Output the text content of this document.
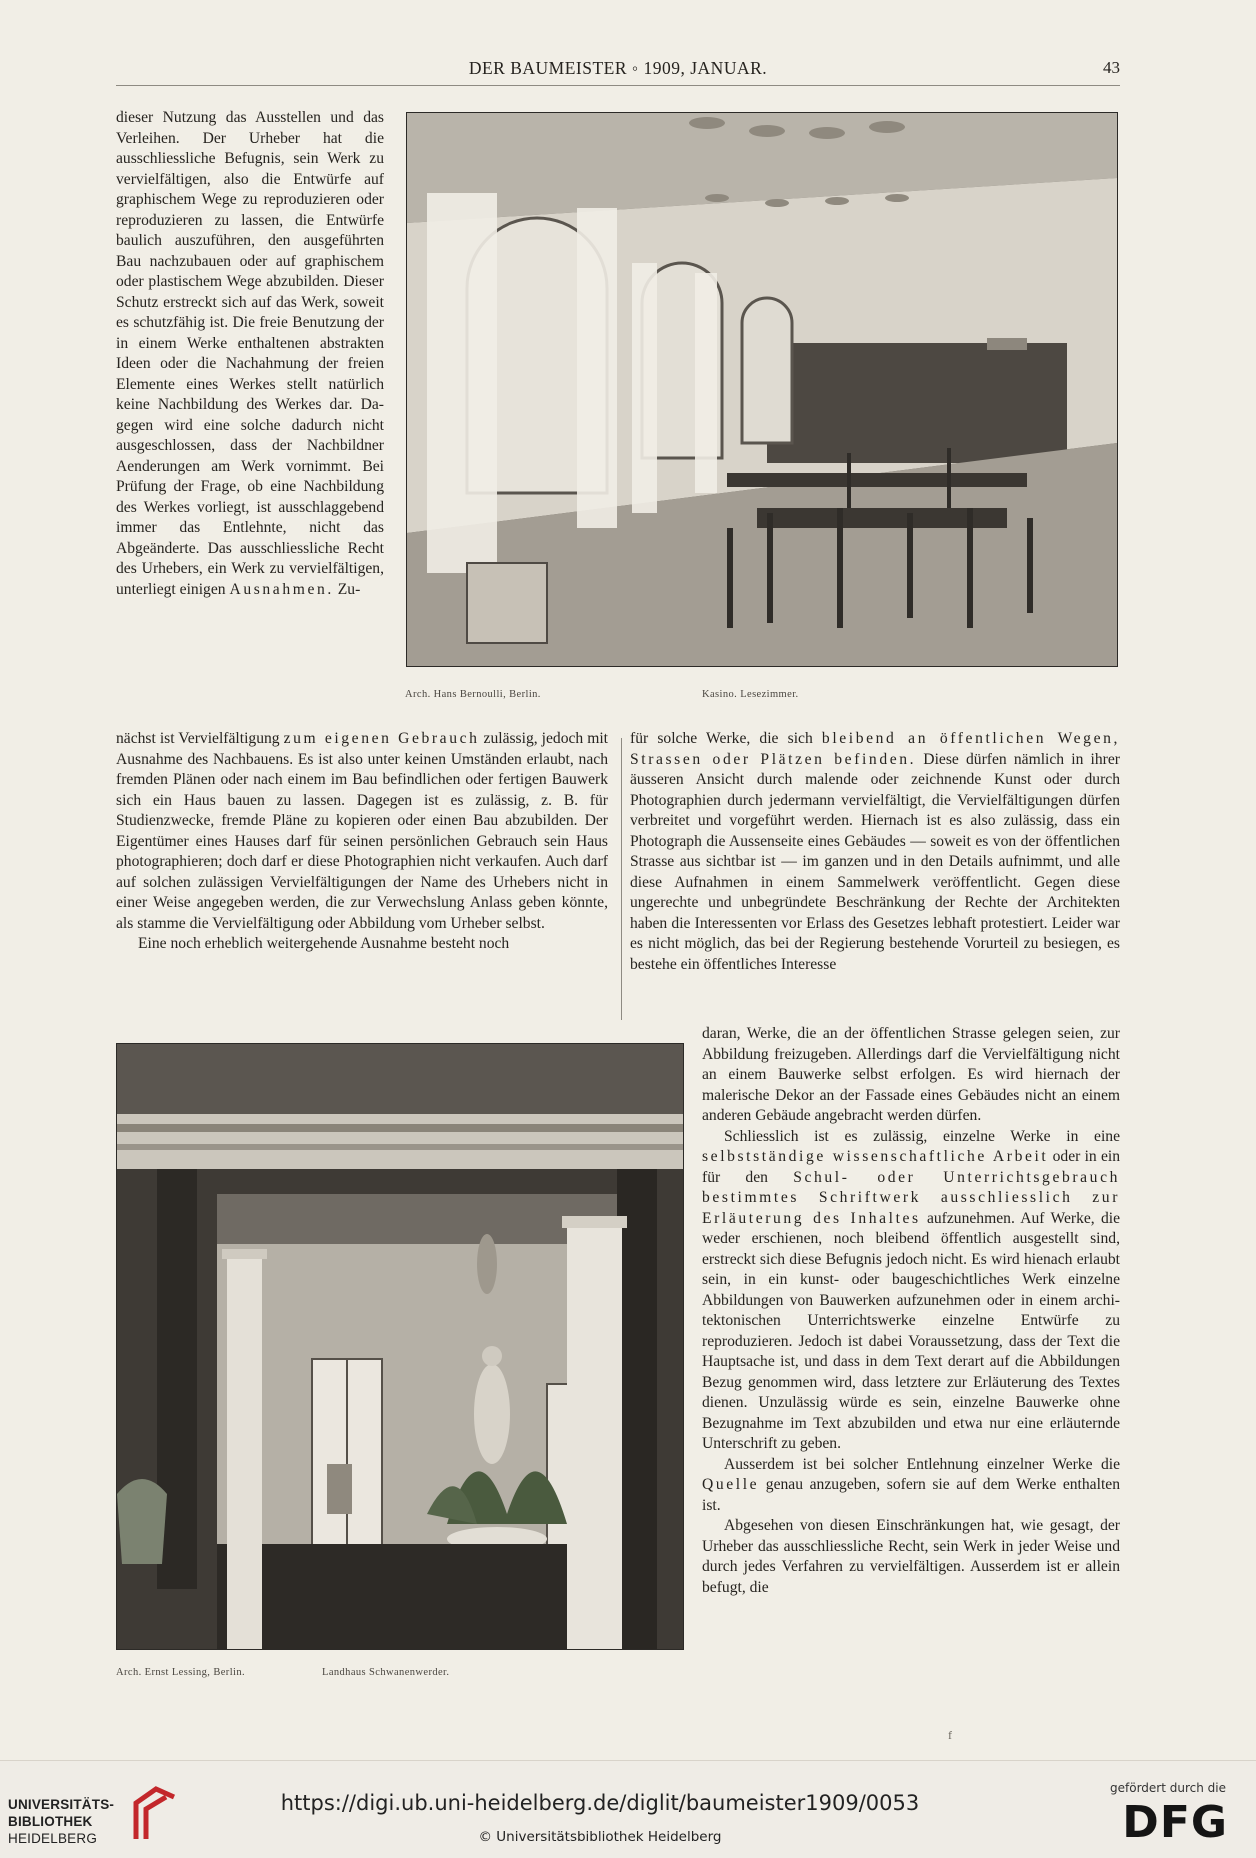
DER BAUMEISTER ◦ 1909, JANUAR.	43
Arch. Hans Bernoulli, Berlin.	Kasino. Lesezimmer.

dieser Nutzung das Ausstellen und das Verleihen. Der Urheber hat die ausschliessliche Befugnis, sein Werk zu vervielfältigen, also die Entwürfe auf graphischem Wege zu reproduzieren oder reproduzieren zu lassen, die Entwürfe baulich auszuführen, den ausgeführten Bau nachzubauen oder auf graphischem oder plastischem Wege abzubilden. Dieser Schutz erstreckt sich auf das Werk, soweit es schutzfähig ist. Die freie Benutzung der in einem Werke enthaltenen abstrakten Ideen oder die Nachahmung der freien Elemente eines Werkes stellt natürlich keine Nachbildung des Werkes dar. Dagegen wird eine solche dadurch nicht ausgeschlossen, dass der Nachbildner Aenderungen am Werk vornimmt. Bei Prüfung der Frage, ob eine Nachbildung des Werkes vorliegt, ist ausschlaggebend immer das Entlehnte, nicht das Abgeänderte. Das ausschliessliche Recht des Urhebers, ein Werk zu vervielfältigen, unterliegt einigen Ausnahmen. Zu-

nächst ist Vervielfältigung zum eigenen Gebrauch zulässig, jedoch mit Ausnahme des Nachbauens. Es ist also unter keinen Umständen erlaubt, nach fremden Plänen oder nach einem im Bau befindlichen oder fertigen Bauwerk sich ein Haus bauen zu lassen. Dagegen ist es zulässig, z. B. für Studienzwecke, fremde Pläne zu kopieren oder einen Bau abzubilden. Der Eigentümer eines Hauses darf für seinen persönlichen Gebrauch sein Haus photographieren; doch darf er diese Photographien nicht verkaufen. Auch darf auf solchen zulässigen Vervielfältigungen der Name des Urhebers nicht in einer Weise angegeben werden, die zur Verwechslung Anlass geben könnte, als stamme die Vervielfältigung oder Abbildung vom Urheber selbst.

Eine noch erheblich weitergehende Ausnahme besteht noch

für solche Werke, die sich bleibend an öffentlichen Wegen, Strassen oder Plätzen befinden. Diese dürfen nämlich in ihrer äusseren Ansicht durch malende oder zeichnende Kunst oder durch Photographien durch jedermann vervielfältigt, die Vervielfältigungen dürfen verbreitet und vorgeführt werden. Hiernach ist es also zulässig, dass ein Photograph die Aussenseite eines Gebäudes — soweit es von der öffentlichen Strasse aus sichtbar ist — im ganzen und in den Details aufnimmt, und alle diese Aufnahmen in einem Sammelwerk veröffentlicht. Gegen diese ungerechte und unbegründete Beschränkung der Rechte der Architekten haben die Interessenten vor Erlass des Gesetzes lebhaft protestiert. Leider war es nicht möglich, das bei der Regierung bestehende Vorurteil zu besiegen, es bestehe ein öffentliches Interesse

Arch. Ernst Lessing, Berlin.	Landhaus Schwanenwerder.

daran, Werke, die an der öffentlichen Strasse gelegen seien, zur Abbildung freizugeben. Allerdings darf die Vervielfältigung nicht an einem Bauwerke selbst erfolgen. Es wird hiernach der malerische Dekor an der Fassade eines Gebäudes nicht an einem anderen Gebäude angebracht werden dürfen.

Schliesslich ist es zulässig, einzelne Werke in eine selbstständige wissenschaftliche Arbeit oder in ein für den Schul- oder Unterrichtsgebrauch bestimmtes Schriftwerk ausschliesslich zur Erläuterung des Inhaltes aufzunehmen. Auf Werke, die weder erschienen, noch bleibend öffentlich ausgestellt sind, erstreckt sich diese Befugnis jedoch nicht. Es wird hienach erlaubt sein, in ein kunst- oder baugeschichtliches Werk einzelne Abbildungen von Bauwerken aufzunehmen oder in einem architektonischen Unterrichtswerke einzelne Entwürfe zu reproduzieren. Jedoch ist dabei Voraussetzung, dass der Text die Hauptsache ist, und dass in dem Text derart auf die Abbildungen Bezug genommen wird, dass letztere zur Erläuterung des Textes dienen. Unzulässig würde es sein, einzelne Bauwerke ohne Bezugnahme im Text abzubilden und etwa nur eine erläuternde Unterschrift zu geben.

Ausserdem ist bei solcher Entlehnung einzelner Werke die Quelle genau anzugeben, sofern sie auf dem Werke enthalten ist.

Abgesehen von diesen Einschränkungen hat, wie gesagt, der Urheber das ausschliessliche Recht, sein Werk in jeder Weise und durch jedes Verfahren zu vervielfältigen. Ausserdem ist er allein befugt, die

f
UNIVERSITÄTS-
BIBLIOTHEK
HEIDELBERG
https://digi.ub.uni-heidelberg.de/diglit/baumeister1909/0053
© Universitätsbibliothek Heidelberg
gefördert durch die
DFG
